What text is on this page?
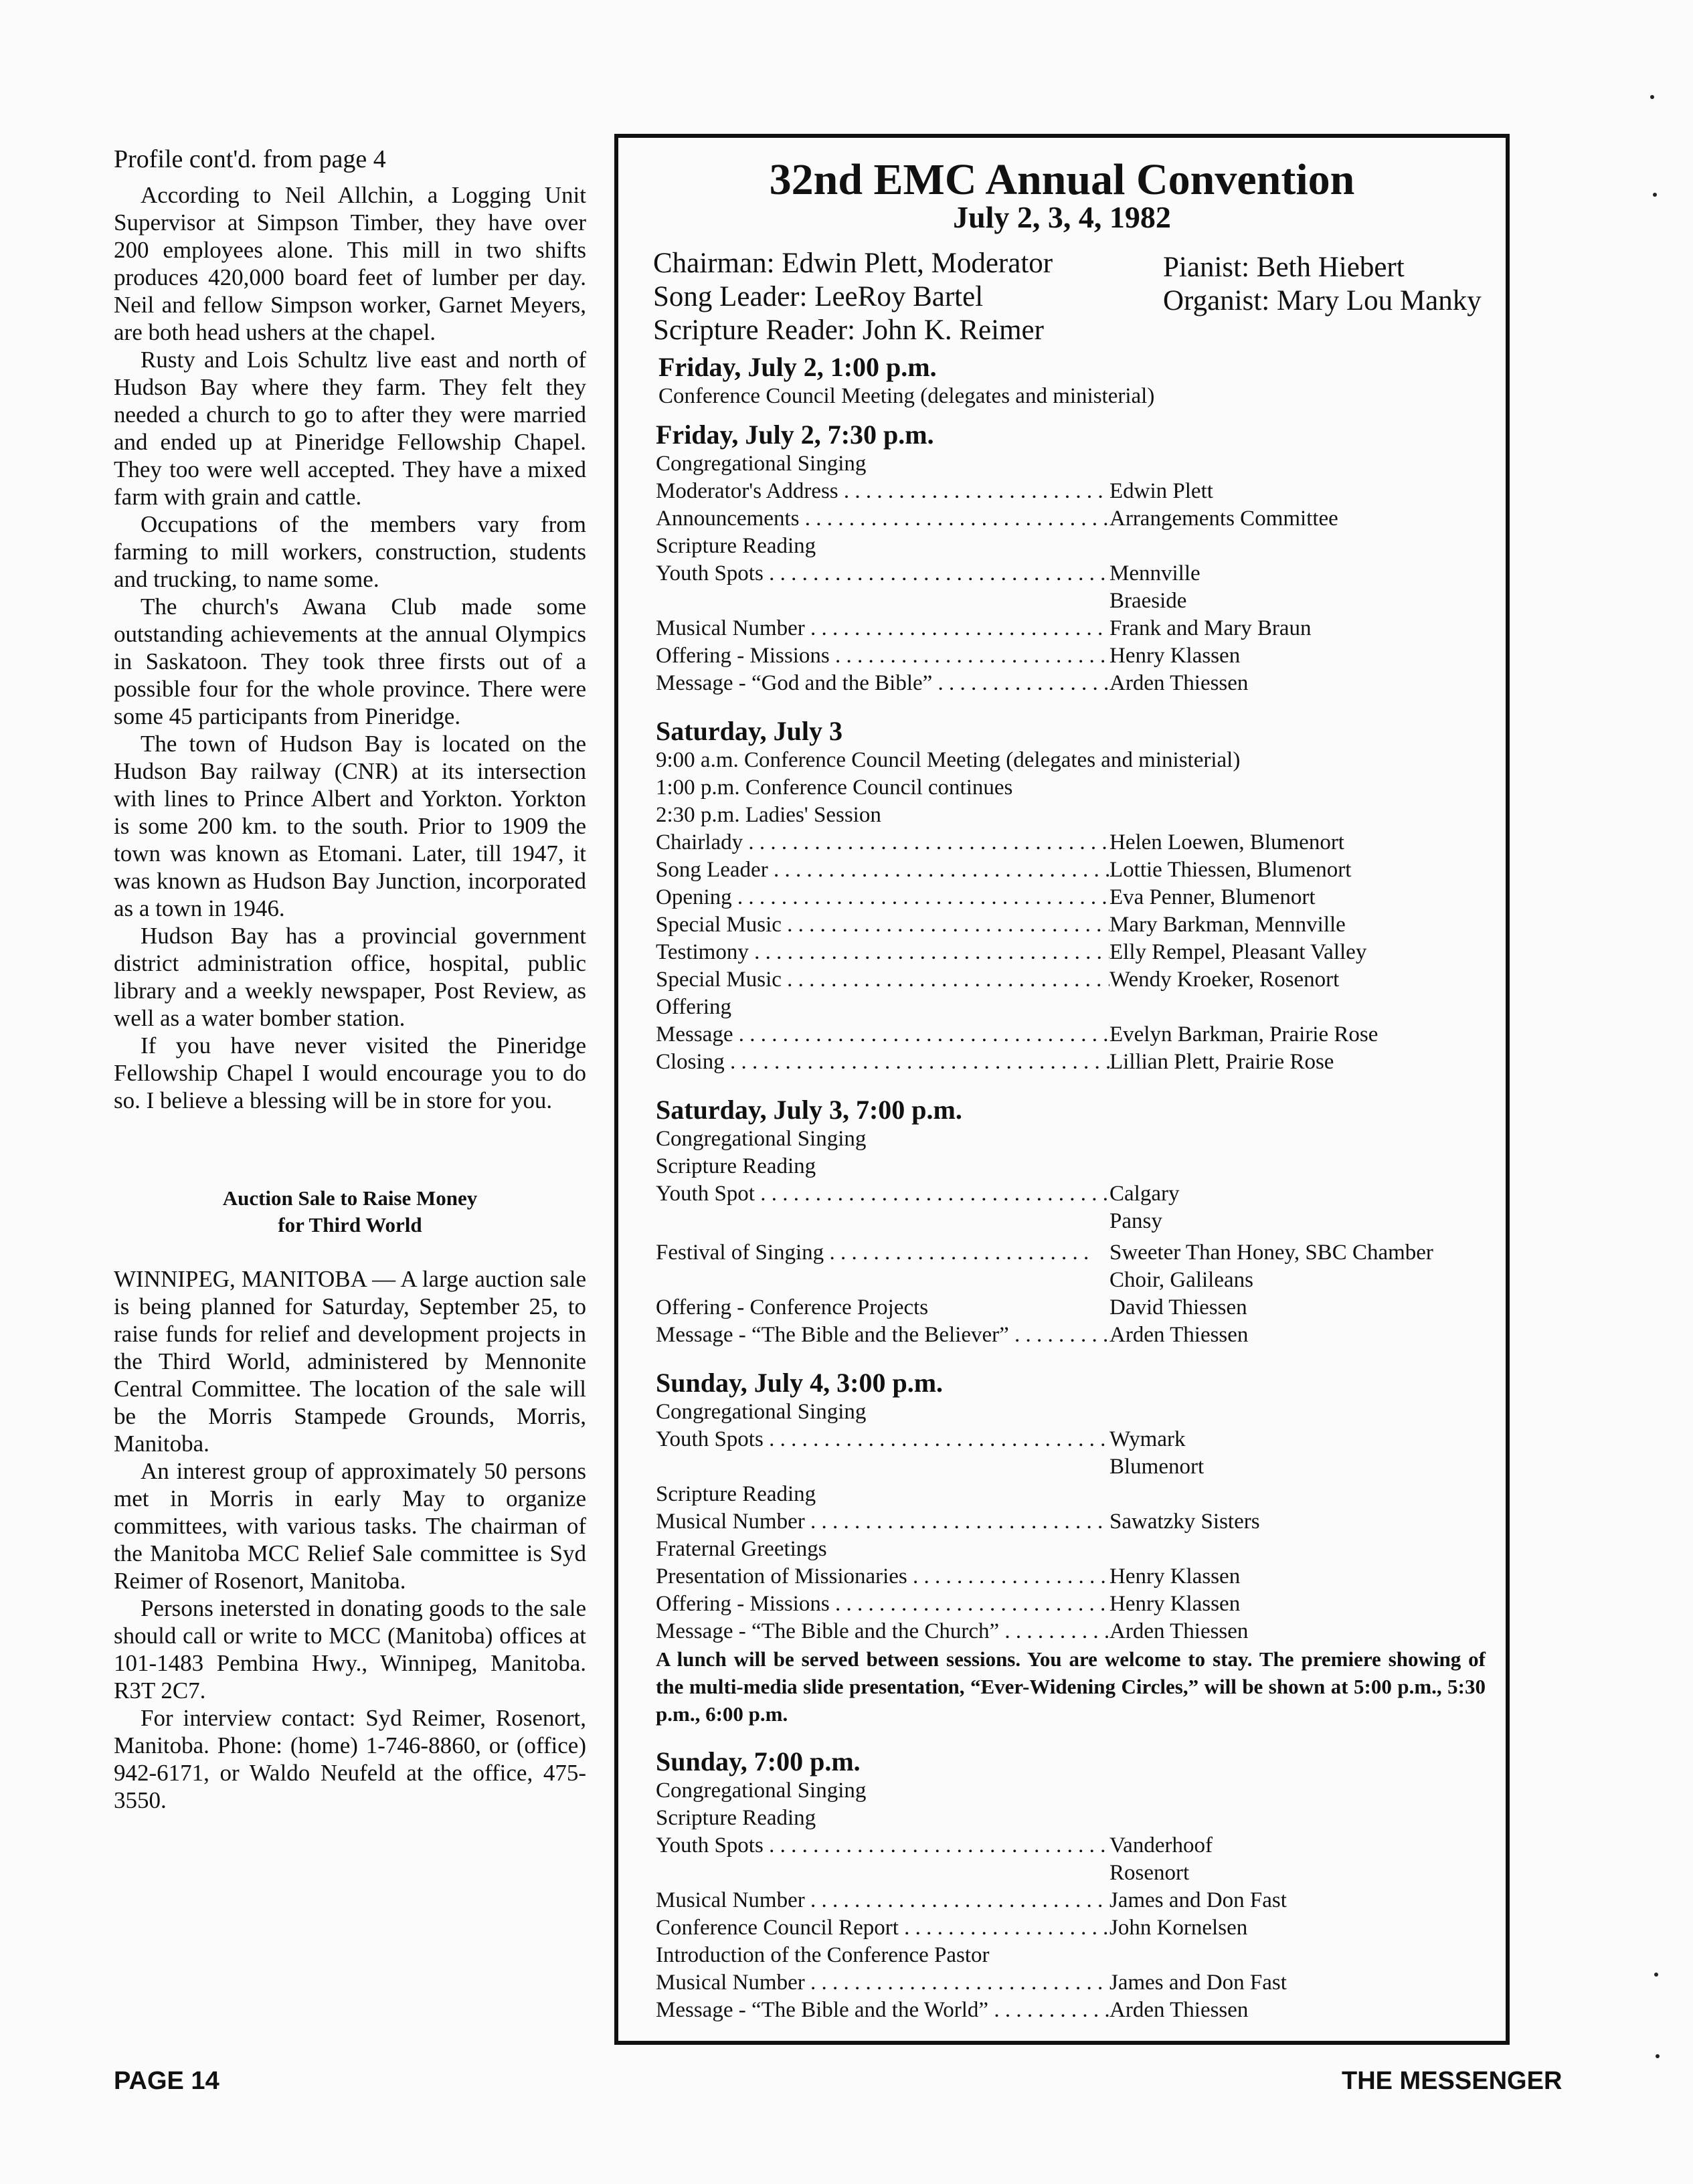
Profile cont'd. from page 4

According to Neil Allchin, a Logging Unit Supervisor at Simpson Timber, they have over 200 employees alone. This mill in two shifts produces 420,000 board feet of lumber per day. Neil and fellow Simpson worker, Garnet Meyers, are both head ushers at the chapel.

Rusty and Lois Schultz live east and north of Hudson Bay where they farm. They felt they needed a church to go to after they were married and ended up at Pineridge Fellowship Chapel. They too were well accepted. They have a mixed farm with grain and cattle.

Occupations of the members vary from farming to mill workers, construction, students and trucking, to name some.

The church's Awana Club made some outstanding achievements at the annual Olympics in Saskatoon. They took three firsts out of a possible four for the whole province. There were some 45 participants from Pineridge.

The town of Hudson Bay is located on the Hudson Bay railway (CNR) at its intersection with lines to Prince Albert and Yorkton. Yorkton is some 200 km. to the south. Prior to 1909 the town was known as Etomani. Later, till 1947, it was known as Hudson Bay Junction, incorporated as a town in 1946.

Hudson Bay has a provincial government district administration office, hospital, public library and a weekly newspaper, Post Review, as well as a water bomber station.

If you have never visited the Pineridge Fellowship Chapel I would encourage you to do so. I believe a blessing will be in store for you.

Auction Sale to Raise Money
for Third World

WINNIPEG, MANITOBA — A large auction sale is being planned for Saturday, September 25, to raise funds for relief and development projects in the Third World, administered by Mennonite Central Committee. The location of the sale will be the Morris Stampede Grounds, Morris, Manitoba.

An interest group of approximately 50 persons met in Morris in early May to organize committees, with various tasks. The chairman of the Manitoba MCC Relief Sale committee is Syd Reimer of Rosenort, Manitoba.

Persons inetersted in donating goods to the sale should call or write to MCC (Manitoba) offices at 101-1483 Pembina Hwy., Winnipeg, Manitoba. R3T 2C7.

For interview contact: Syd Reimer, Rosenort, Manitoba. Phone: (home) 1-746-8860, or (office) 942-6171, or Waldo Neufeld at the office, 475-3550.

32nd EMC Annual Convention
July 2, 3, 4, 1982
Chairman: Edwin Plett, Moderator
Song Leader: LeeRoy Bartel
Scripture Reader: John K. Reimer
Pianist: Beth Hiebert
Organist: Mary Lou Manky
Friday, July 2, 1:00 p.m.
Conference Council Meeting (delegates and ministerial)
Friday, July 2, 7:30 p.m.
Congregational Singing
Moderator's Address . . .	Edwin Plett
Announcements . . .	Arrangements Committee
Scripture Reading
Youth Spots . . .	Mennville
Braeside
Musical Number . . .	Frank and Mary Braun
Offering - Missions . . .	Henry Klassen
Message - “God and the Bible” . . .	Arden Thiessen
Saturday, July 3
9:00 a.m. Conference Council Meeting (delegates and ministerial)
1:00 p.m. Conference Council continues
2:30 p.m. Ladies' Session
Chairlady . . .	Helen Loewen, Blumenort
Song Leader . . .	Lottie Thiessen, Blumenort
Opening . . .	Eva Penner, Blumenort
Special Music . . .	Mary Barkman, Mennville
Testimony . . .	Elly Rempel, Pleasant Valley
Special Music . . .	Wendy Kroeker, Rosenort
Offering
Message . . .	Evelyn Barkman, Prairie Rose
Closing . . .	Lillian Plett, Prairie Rose
Saturday, July 3, 7:00 p.m.
Congregational Singing
Scripture Reading
Youth Spot . . .	Calgary
Pansy
Festival of Singing . . .	Sweeter Than Honey, SBC Chamber
Choir, Galileans
Offering - Conference Projects	David Thiessen
Message - “The Bible and the Believer” . . .	Arden Thiessen
Sunday, July 4, 3:00 p.m.
Congregational Singing
Youth Spots . . .	Wymark
Blumenort
Scripture Reading
Musical Number . . .	Sawatzky Sisters
Fraternal Greetings
Presentation of Missionaries . . .	Henry Klassen
Offering - Missions . . .	Henry Klassen
Message - “The Bible and the Church” . . .	Arden Thiessen
A lunch will be served between sessions. You are welcome to stay. The premiere showing of the multi-media slide presentation, “Ever-Widening Circles,” will be shown at 5:00 p.m., 5:30 p.m., 6:00 p.m.
Sunday, 7:00 p.m.
Congregational Singing
Scripture Reading
Youth Spots . . .	Vanderhoof
Rosenort
Musical Number . . .	James and Don Fast
Conference Council Report . . .	John Kornelsen
Introduction of the Conference Pastor
Musical Number . . .	James and Don Fast
Message - “The Bible and the World” . . .	Arden Thiessen
PAGE 14	THE MESSENGER
